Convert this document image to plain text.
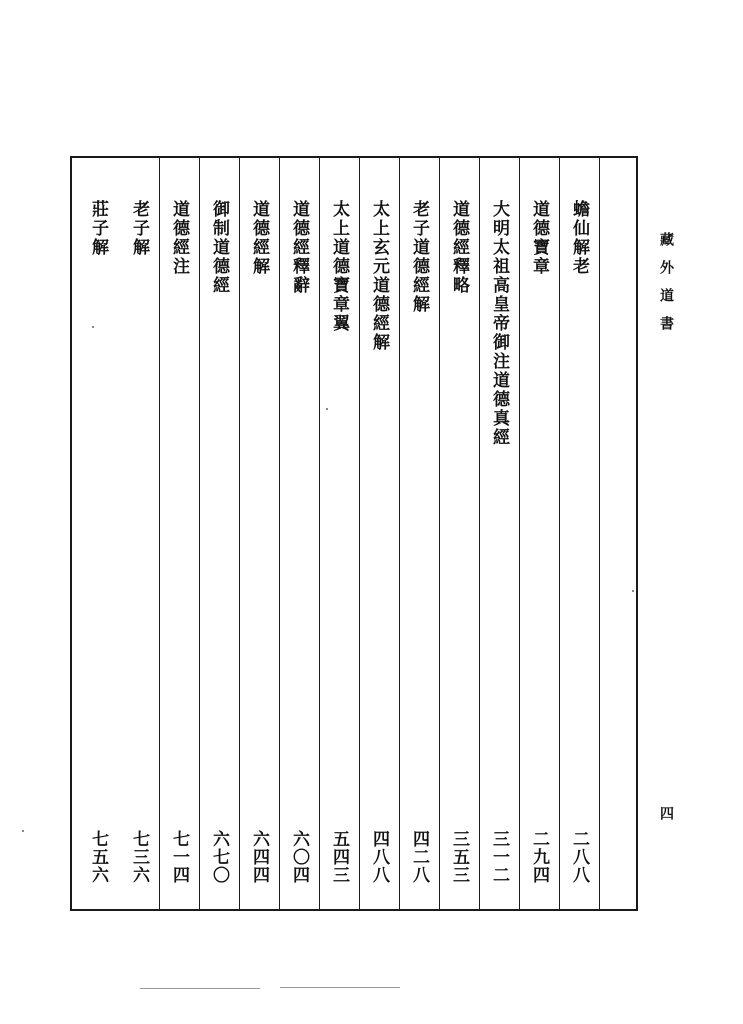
蟾仙解老
二八八
道德寶章
二九四
大明太祖高皇帝御注道德真經
三一二
道德經釋略
三五三
老子道德經解
四二八
太上玄元道德經解
四八八
太上道德寶章翼
五四三
道德經釋辭
六〇四
道德經解
六四四
御制道德經
六七〇
道德經注
七一四
老子解
七三六
莊子解
七五六
藏外道書
四
